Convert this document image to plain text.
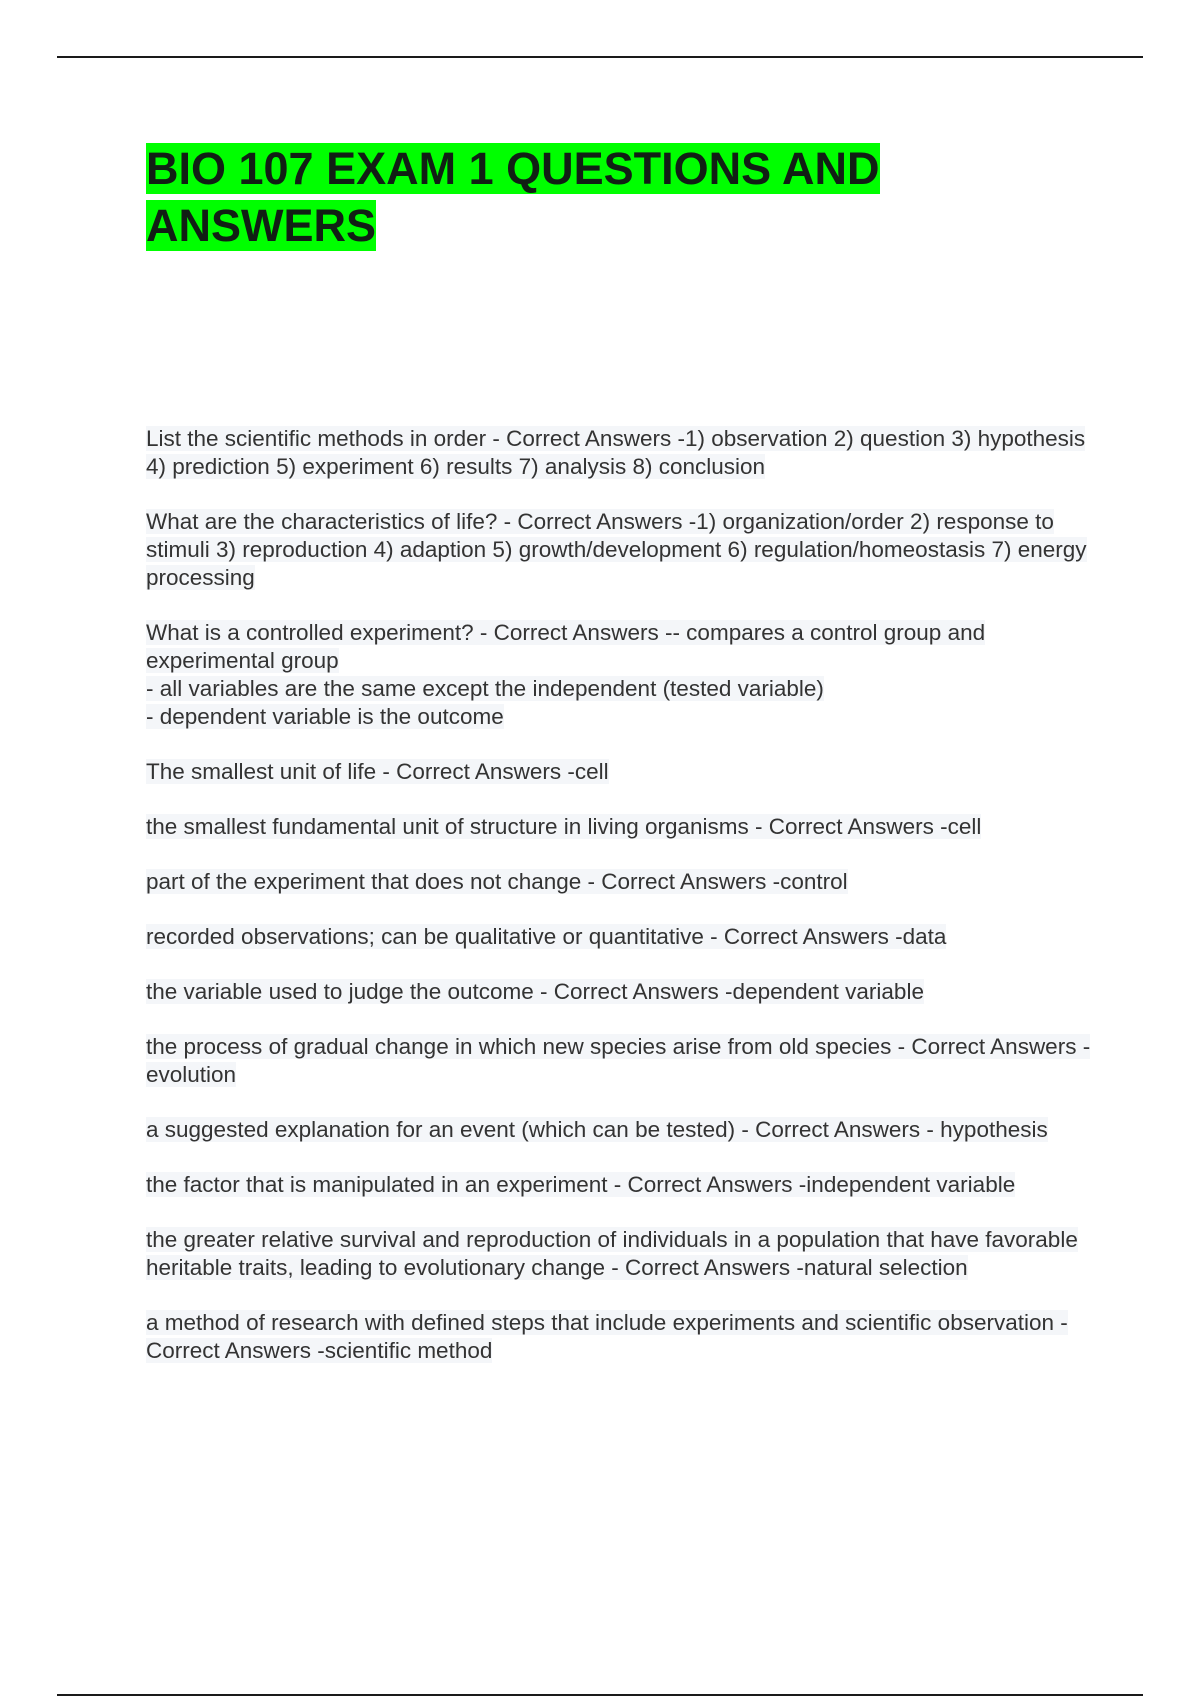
BIO 107 EXAM 1 QUESTIONS AND ANSWERS
List the scientific methods in order - Correct Answers -1) observation 2) question 3) hypothesis 4) prediction 5) experiment 6) results 7) analysis 8) conclusion
What are the characteristics of life? - Correct Answers -1) organization/order 2) response to stimuli 3) reproduction 4) adaption 5) growth/development 6) regulation/homeostasis 7) energy processing
What is a controlled experiment? - Correct Answers -- compares a control group and experimental group
- all variables are the same except the independent (tested variable)
- dependent variable is the outcome
The smallest unit of life - Correct Answers -cell
the smallest fundamental unit of structure in living organisms - Correct Answers -cell
part of the experiment that does not change - Correct Answers -control
recorded observations; can be qualitative or quantitative - Correct Answers -data
the variable used to judge the outcome - Correct Answers -dependent variable
the process of gradual change in which new species arise from old species - Correct Answers -evolution
a suggested explanation for an event (which can be tested) - Correct Answers - hypothesis
the factor that is manipulated in an experiment - Correct Answers -independent variable
the greater relative survival and reproduction of individuals in a population that have favorable heritable traits, leading to evolutionary change - Correct Answers -natural selection
a method of research with defined steps that include experiments and scientific observation - Correct Answers -scientific method
